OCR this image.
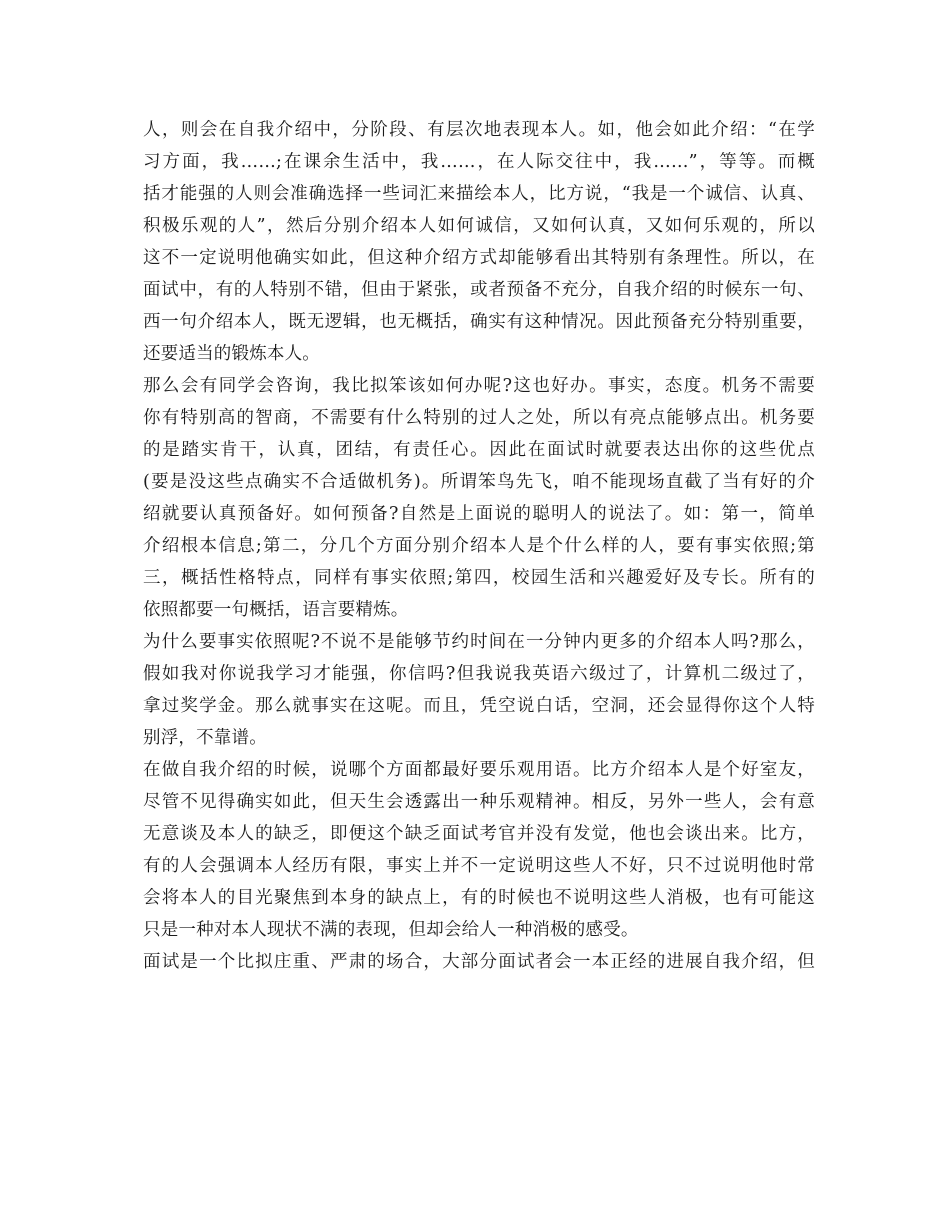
人，则会在自我介绍中，分阶段、有层次地表现本人。如，他会如此介绍：“在学
习方面，我……;在课余生活中，我……，在人际交往中，我……”，等等。而概
括才能强的人则会准确选择一些词汇来描绘本人，比方说，“我是一个诚信、认真、
积极乐观的人”，然后分别介绍本人如何诚信，又如何认真，又如何乐观的，所以
这不一定说明他确实如此，但这种介绍方式却能够看出其特别有条理性。所以，在
面试中，有的人特别不错，但由于紧张，或者预备不充分，自我介绍的时候东一句、
西一句介绍本人，既无逻辑，也无概括，确实有这种情况。因此预备充分特别重要，
还要适当的锻炼本人。
那么会有同学会咨询，我比拟笨该如何办呢?这也好办。事实，态度。机务不需要
你有特别高的智商，不需要有什么特别的过人之处，所以有亮点能够点出。机务要
的是踏实肯干，认真，团结，有责任心。因此在面试时就要表达出你的这些优点
(要是没这些点确实不合适做机务)。所谓笨鸟先飞，咱不能现场直截了当有好的介
绍就要认真预备好。如何预备?自然是上面说的聪明人的说法了。如：第一，简单
介绍根本信息;第二，分几个方面分别介绍本人是个什么样的人，要有事实依照;第
三，概括性格特点，同样有事实依照;第四，校园生活和兴趣爱好及专长。所有的
依照都要一句概括，语言要精炼。
为什么要事实依照呢?不说不是能够节约时间在一分钟内更多的介绍本人吗?那么，
假如我对你说我学习才能强，你信吗?但我说我英语六级过了，计算机二级过了，
拿过奖学金。那么就事实在这呢。而且，凭空说白话，空洞，还会显得你这个人特
别浮，不靠谱。
在做自我介绍的时候，说哪个方面都最好要乐观用语。比方介绍本人是个好室友，
尽管不见得确实如此，但天生会透露出一种乐观精神。相反，另外一些人，会有意
无意谈及本人的缺乏，即便这个缺乏面试考官并没有发觉，他也会谈出来。比方，
有的人会强调本人经历有限，事实上并不一定说明这些人不好，只不过说明他时常
会将本人的目光聚焦到本身的缺点上，有的时候也不说明这些人消极，也有可能这
只是一种对本人现状不满的表现，但却会给人一种消极的感受。
面试是一个比拟庄重、严肃的场合，大部分面试者会一本正经的进展自我介绍，但
